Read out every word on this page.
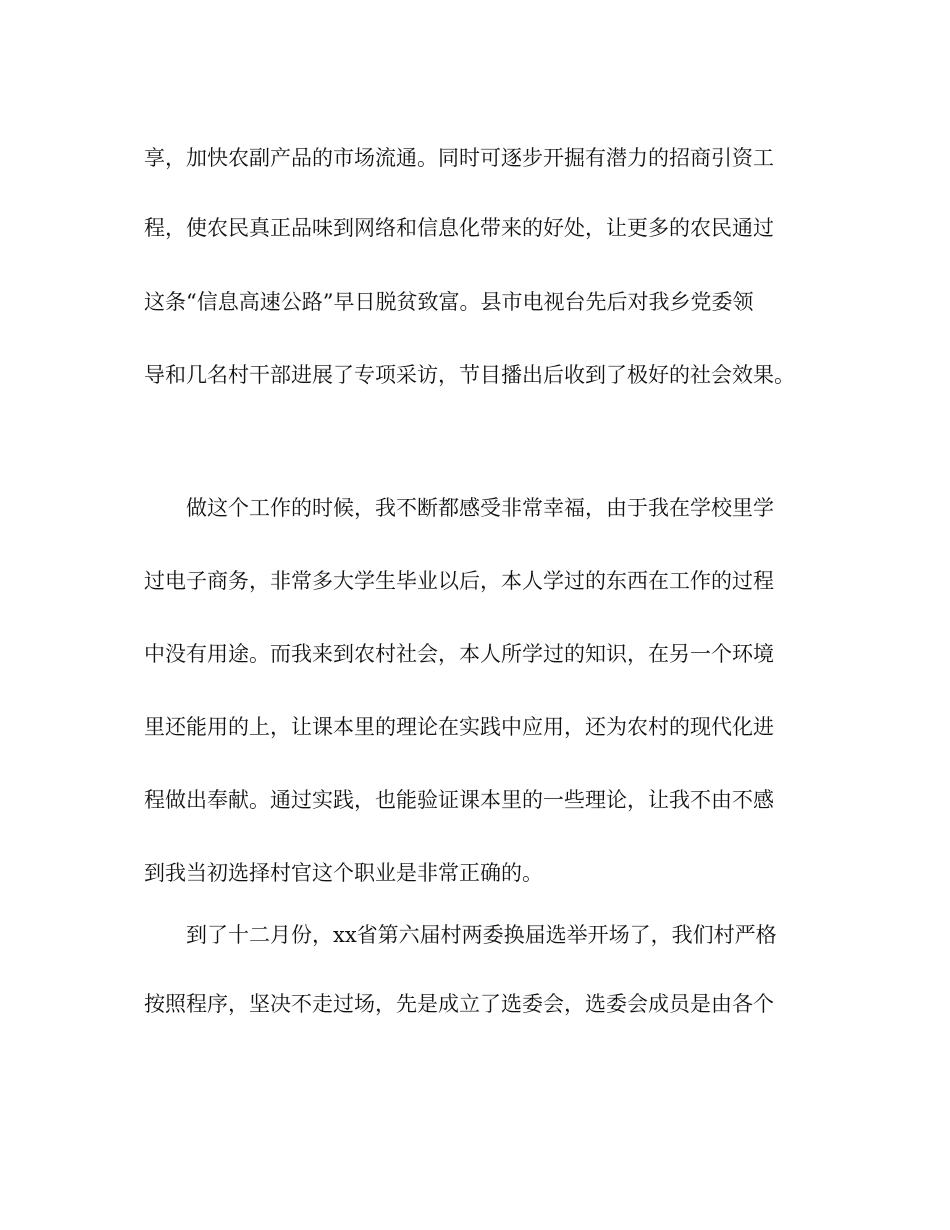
享，加快农副产品的市场流通。同时可逐步开掘有潜力的招商引资工
程，使农民真正品味到网络和信息化带来的好处，让更多的农民通过
这条“信息高速公路”早日脱贫致富。县市电视台先后对我乡党委领
导和几名村干部进展了专项采访，节目播出后收到了极好的社会效果。
做这个工作的时候，我不断都感受非常幸福，由于我在学校里学
过电子商务，非常多大学生毕业以后，本人学过的东西在工作的过程
中没有用途。而我来到农村社会，本人所学过的知识，在另一个环境
里还能用的上，让课本里的理论在实践中应用，还为农村的现代化进
程做出奉献。通过实践，也能验证课本里的一些理论，让我不由不感
到我当初选择村官这个职业是非常正确的。
到了十二月份，xx省第六届村两委换届选举开场了，我们村严格
按照程序，坚决不走过场，先是成立了选委会，选委会成员是由各个
